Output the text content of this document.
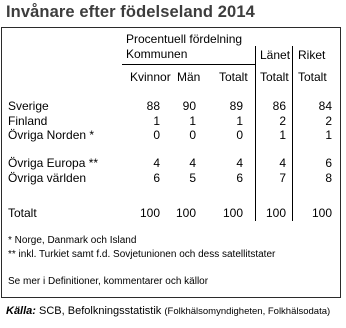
Invånare efter födelseland 2014
Procentuell fördelning Kommunen	Länet Riket
Kvinnor Män Totalt Totalt Totalt
Sverige	88	90	89	86	84
Finland	1	1	1	2	2
Övriga Norden *	0	0	0	1	1
Övriga Europa **	4	4	4	4	6
Övriga världen	6	5	6	7	8
Totalt	100	100	100	100	100
* Norge, Danmark och Island
** inkl. Turkiet samt f.d. Sovjetunionen och dess satellitstater
Se mer i Definitioner, kommentarer och källor
Källa: SCB, Befolkningsstatistik (Folkhälsomyndigheten, Folkhälsodata)
